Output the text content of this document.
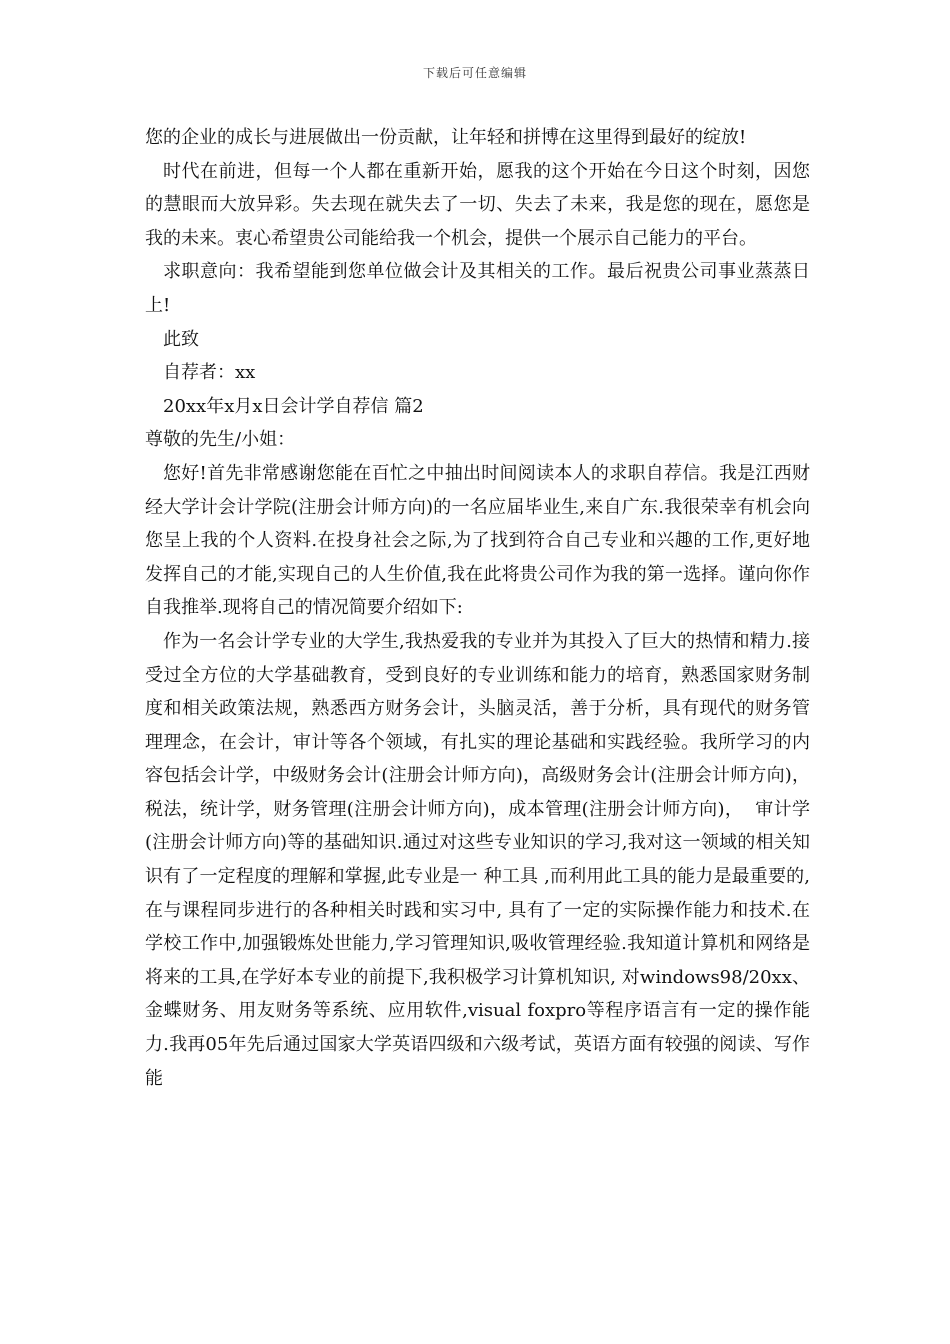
下载后可任意编辑

您的企业的成长与进展做出一份贡献，让年轻和拼博在这里得到最好的绽放!

时代在前进，但每一个人都在重新开始，愿我的这个开始在今日这个时刻，因您的慧眼而大放异彩。失去现在就失去了一切、失去了未来，我是您的现在，愿您是我的未来。衷心希望贵公司能给我一个机会，提供一个展示自己能力的平台。

求职意向：我希望能到您单位做会计及其相关的工作。最后祝贵公司事业蒸蒸日上!

此致

自荐者：xx

20xx年x月x日会计学自荐信 篇2

尊敬的先生/小姐：

您好!首先非常感谢您能在百忙之中抽出时间阅读本人的求职自荐信。我是江西财经大学计会计学院(注册会计师方向)的一名应届毕业生,来自广东.我很荣幸有机会向您呈上我的个人资料.在投身社会之际,为了找到符合自己专业和兴趣的工作,更好地发挥自己的才能,实现自己的人生价值,我在此将贵公司作为我的第一选择。谨向你作自我推举.现将自己的情况简要介绍如下:

作为一名会计学专业的大学生,我热爱我的专业并为其投入了巨大的热情和精力.接受过全方位的大学基础教育，受到良好的专业训练和能力的培育，熟悉国家财务制度和相关政策法规，熟悉西方财务会计，头脑灵活，善于分析，具有现代的财务管理理念，在会计，审计等各个领域，有扎实的理论基础和实践经验。我所学习的内容包括会计学，中级财务会计(注册会计师方向)，高级财务会计(注册会计师方向)，税法，统计学，财务管理(注册会计师方向)，成本管理(注册会计师方向)，  审计学(注册会计师方向)等的基础知识.通过对这些专业知识的学习,我对这一领域的相关知识有了一定程度的理解和掌握,此专业是一 种工具 ,而利用此工具的能力是最重要的,在与课程同步进行的各种相关时践和实习中, 具有了一定的实际操作能力和技术.在学校工作中,加强锻炼处世能力,学习管理知识,吸收管理经验.我知道计算机和网络是将来的工具,在学好本专业的前提下,我积极学习计算机知识, 对windows98/20xx、金蝶财务、用友财务等系统、应用软件,visual foxpro等程序语言有一定的操作能力.我再05年先后通过国家大学英语四级和六级考试，英语方面有较强的阅读、写作能
